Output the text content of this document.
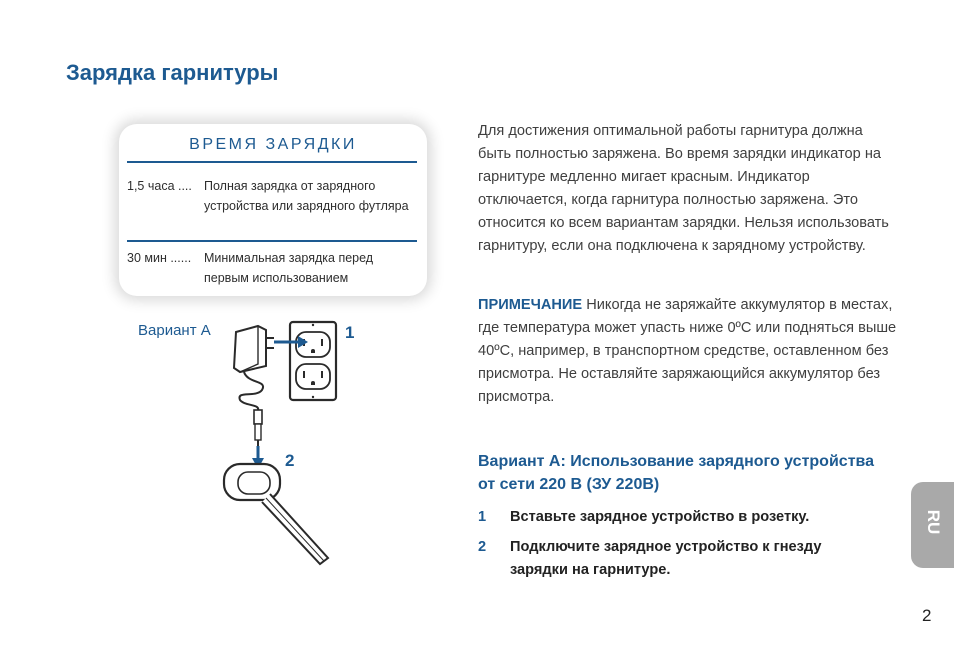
Зарядка гарнитуры
ВРЕМЯ ЗАРЯДКИ
1,5 часа .... Полная зарядка от зарядного устройства или зарядного футляра
30 мин ......	Минимальная зарядка перед первым использованием
Вариант А	1
2
Для достижения оптимальной работы гарнитура должна быть полностью заряжена. Во время зарядки индикатор на гарнитуре медленно мигает красным. Индикатор отключается, когда гарнитура полностью заряжена. Это относится ко всем вариантам зарядки. Нельзя использовать гарнитуру, если она подключена к зарядному устройству.
ПРИМЕЧАНИЕ Никогда не заряжайте аккумулятор в местах, где температура может упасть ниже 0ºC или подняться выше 40ºC, например, в транспортном средстве, оставленном без присмотра. Не оставляйте заряжающийся аккумулятор без присмотра.
Вариант А: Использование зарядного устройства от сети 220 В (ЗУ 220В)
1 Вставьте зарядное устройство в розетку.
2 Подключите зарядное устройство к гнезду зарядки на гарнитуре.
RU
2
